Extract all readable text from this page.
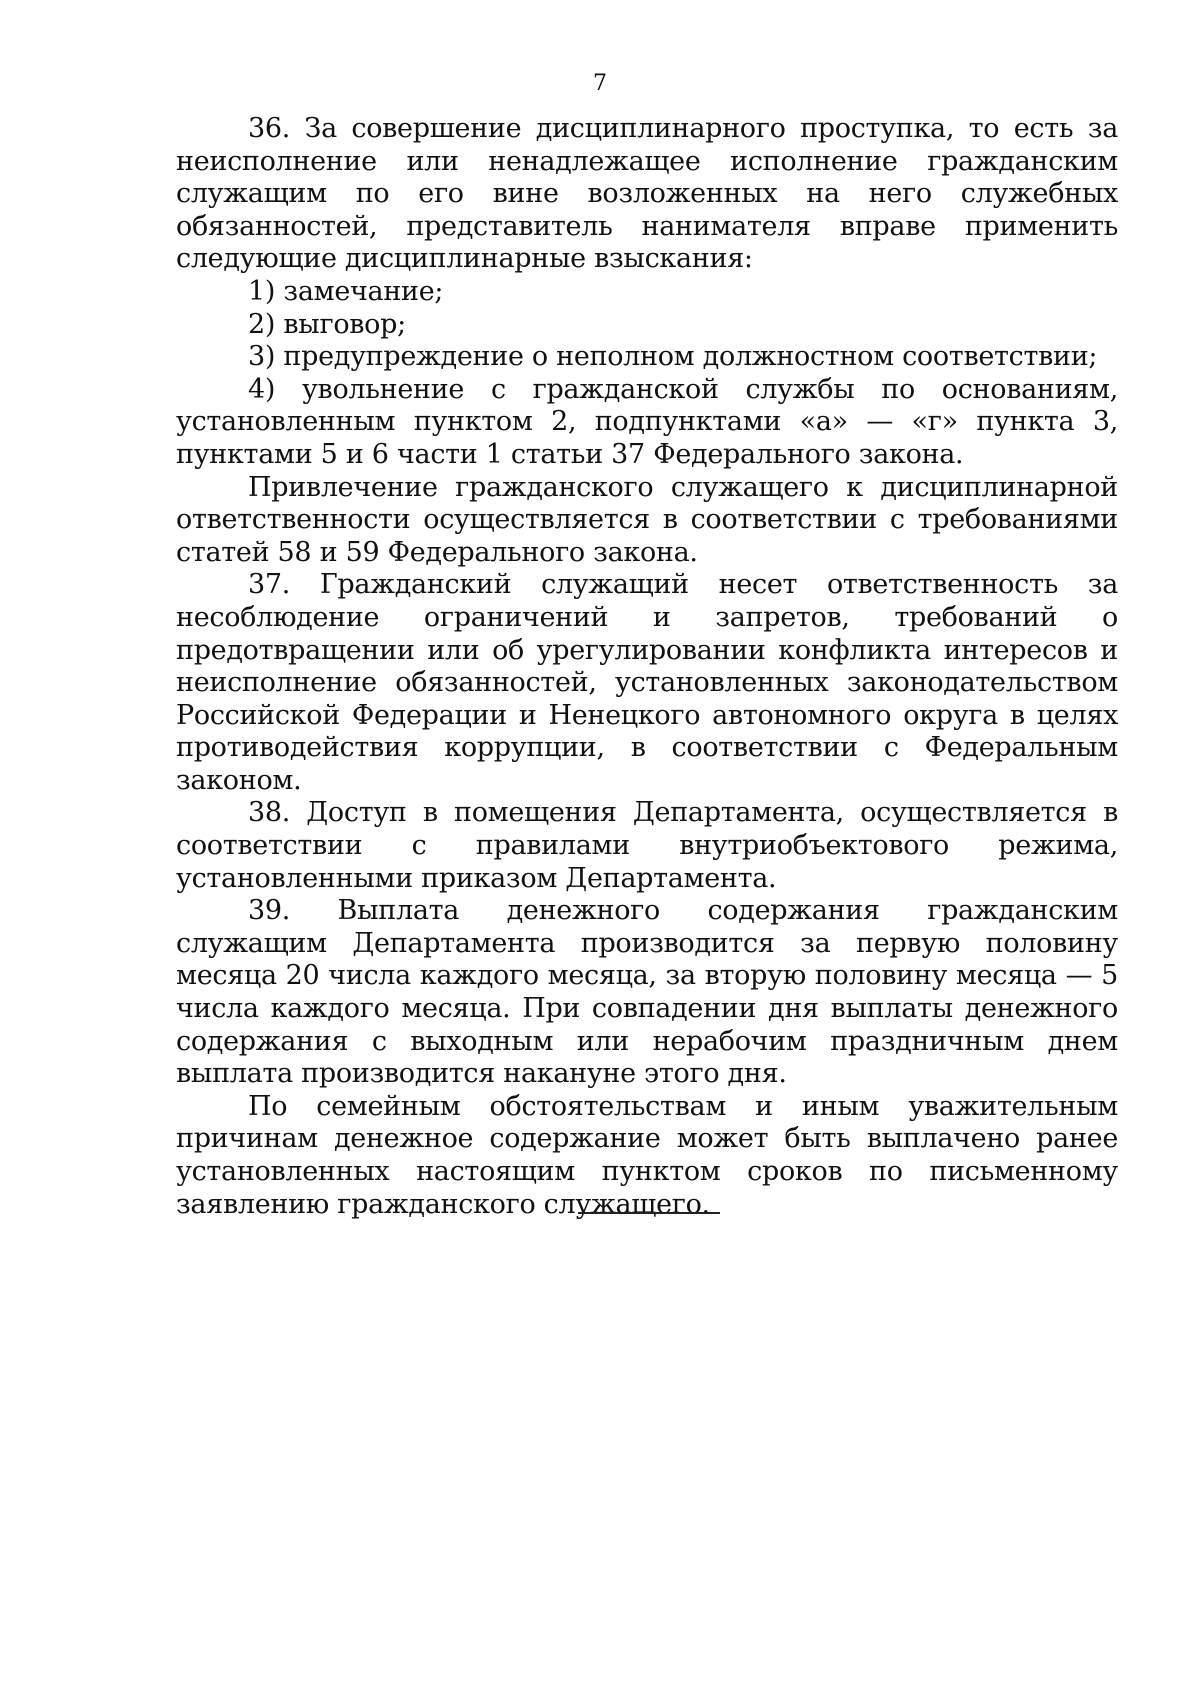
7

36. За совершение дисциплинарного проступка, то есть за неисполнение или ненадлежащее исполнение гражданским служащим по его вине возложенных на него служебных обязанностей, представитель нанимателя вправе применить следующие дисциплинарные взыскания:

1) замечание;

2) выговор;

3) предупреждение о неполном должностном соответствии;

4) увольнение с гражданской службы по основаниям, установленным пунктом 2, подпунктами «а» — «г» пункта 3, пунктами 5 и 6 части 1 статьи 37 Федерального закона.

Привлечение гражданского служащего к дисциплинарной ответственности осуществляется в соответствии с требованиями статей 58 и 59 Федерального закона.

37. Гражданский служащий несет ответственность за несоблюдение ограничений и запретов, требований о предотвращении или об урегулировании конфликта интересов и неисполнение обязанностей, установленных законодательством Российской Федерации и Ненецкого автономного округа в целях противодействия коррупции, в соответствии с Федеральным законом.

38. Доступ в помещения Департамента, осуществляется в соответствии с правилами внутриобъектового режима, установленными приказом Департамента.

39. Выплата денежного содержания гражданским служащим Департамента производится за первую половину месяца 20 числа каждого месяца, за вторую половину месяца — 5 числа каждого месяца. При совпадении дня выплаты денежного содержания с выходным или нерабочим праздничным днем выплата производится накануне этого дня.

По семейным обстоятельствам и иным уважительным причинам денежное содержание может быть выплачено ранее установленных настоящим пунктом сроков по письменному заявлению гражданского служащего.
